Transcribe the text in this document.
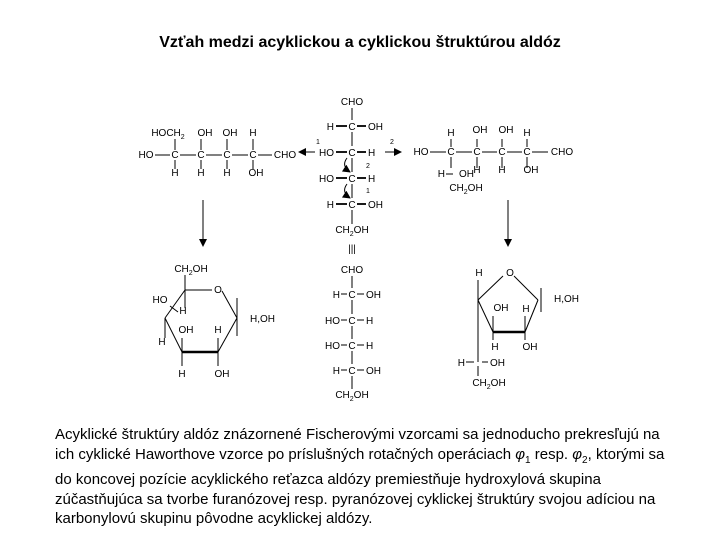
Vzťah medzi acyklickou a cyklickou štruktúrou aldóz
$HOCH_2$ OH OH H
HO C C C C CHO
H H H OH
CHO
C
H	OH
C
HO	H
C
HO	H
C
H	OH
$CH_2OH$
$_2$
$_1$
|||
CHO
C
H	OH
C
HO	H
C
HO	H
C
H	OH
$CH_2OH$
$_1$	$_2$
H OH OH H
HO C C C C CHO
H OH H H OH
$CH_2OH$
O
$CH_2OH$
HO
H
OH H
H
H	OH
H,OH
O
H
OH H
H OH
H,OH
H	OH
$CH_2OH$
Acyklické štruktúry aldóz znázornené Fischerovými vzorcami sa jednoducho prekresľujú na ich cyklické Haworthove vzorce po príslušných rotačných operáciach $\varphi_1$ resp. $\varphi_2$, ktorými sa do koncovej pozície acyklického reťazca aldózy premiestňuje hydroxylová skupina zúčastňujúca sa tvorbe furanózovej resp. pyranózovej cyklickej štruktúry svojou adíciou na karbonylovú skupinu pôvodne acyklickej aldózy.
